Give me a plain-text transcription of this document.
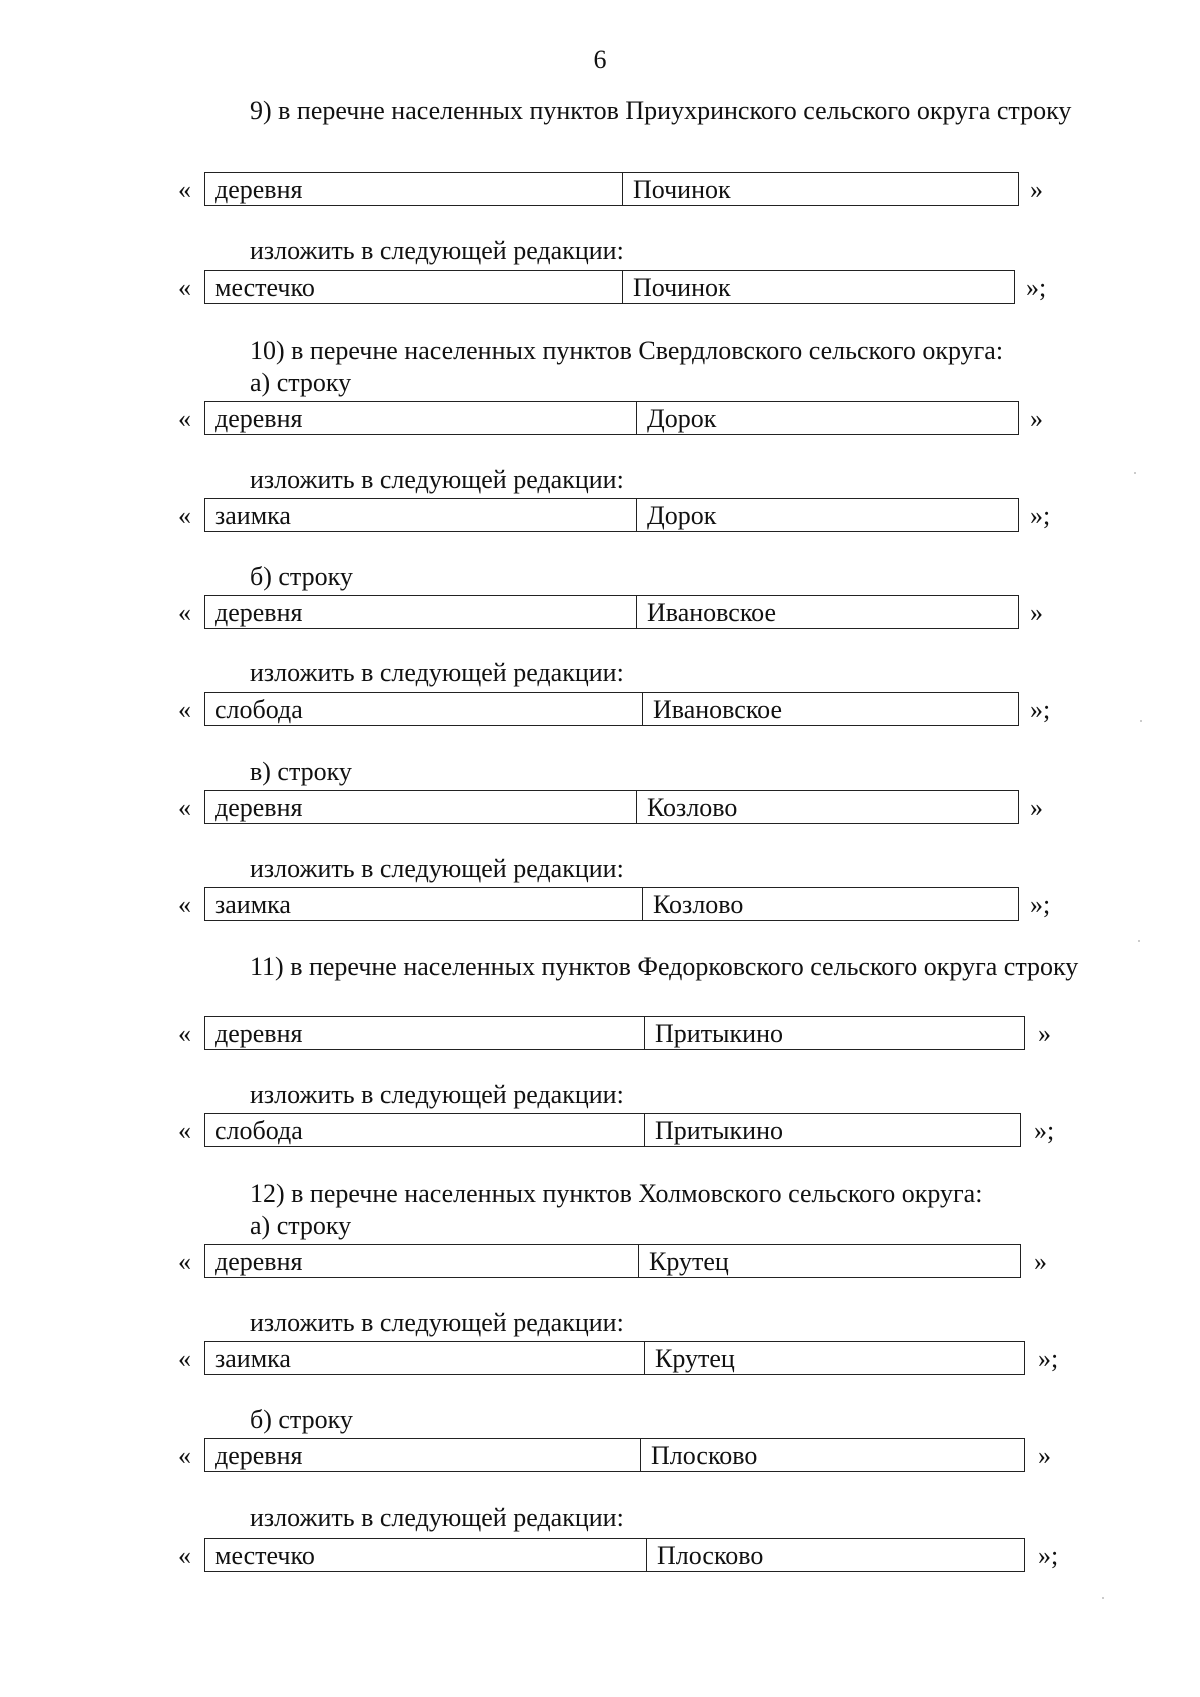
6

9) в перечне населенных пунктов Приухринского сельского округа строку

« деревня	Починок	»
изложить в следующей редакции:
« местечко	Починок	»;
10) в перечне населенных пунктов Свердловского сельского округа:
а) строку
« деревня	Дорок	»
изложить в следующей редакции:
« заимка	Дорок	»;
б) строку
« деревня	Ивановское	»
изложить в следующей редакции:
« слобода	Ивановское	»;
в) строку
« деревня	Козлово	»
изложить в следующей редакции:
« заимка	Козлово	»;

11) в перечне населенных пунктов Федорковского сельского округа строку

« деревня	Притыкино	»
изложить в следующей редакции:
« слобода	Притыкино	»;
12) в перечне населенных пунктов Холмовского сельского округа:
а) строку
« деревня	Крутец	»
изложить в следующей редакции:
« заимка	Крутец	»;
б) строку
« деревня	Плосково	»
изложить в следующей редакции:
« местечко	Плосково	»;
